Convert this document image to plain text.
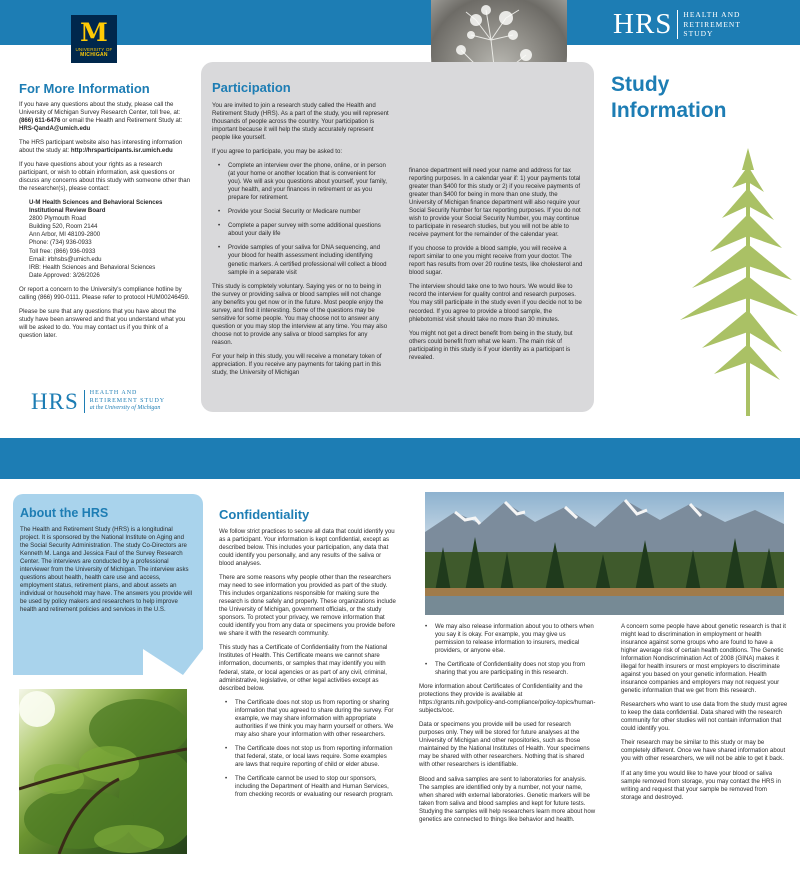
M
UNIVERSITY OF
MICHIGAN
HRS HEALTH AND
RETIREMENT
STUDY
For More Information

If you have any questions about the study, please call the University of Michigan Survey Research Center, toll free, at: (866) 611-6476 or email the Health and Retirement Study at: HRS-QandA@umich.edu

The HRS participant website also has interesting information about the study at: http://hrsparticipants.isr.umich.edu

If you have questions about your rights as a research participant, or wish to obtain information, ask questions or discuss any concerns about this study with someone other than the researcher(s), please contact:

U-M Health Sciences and Behavioral Sciences
Institutional Review Board
2800 Plymouth Road
Building 520, Room 2144
Ann Arbor, MI 48109-2800
Phone: (734) 936-0933
Toll free: (866) 936-0933
Email: irbhsbs@umich.edu
IRB: Health Sciences and Behavioral Sciences
Date Approved: 3/26/2026

Or report a concern to the University's compliance hotline by calling (866) 990-0111. Please refer to protocol HUM00246459.

Please be sure that any questions that you have about the study have been answered and that you understand what you will be asked to do. You may contact us if you think of a question later.

HRS HEALTH AND
RETIREMENT STUDY
at the University of Michigan
Participation

You are invited to join a research study called the Health and Retirement Study (HRS). As a part of the study, you will represent thousands of people across the country. Your participation is important because it will help the study accurately represent people like yourself.

If you agree to participate, you may be asked to:

• Complete an interview over the phone, online, or in person (at your home or another location that is convenient for you). We will ask you questions about yourself, your family, your health, and your finances in retirement or as you prepare for retirement.
• Provide your Social Security or Medicare number
• Complete a paper survey with some additional questions about your daily life
• Provide samples of your saliva for DNA sequencing, and your blood for health assessment including identifying genetic markers. A certified professional will collect a blood sample in a separate visit

This study is completely voluntary. Saying yes or no to being in the survey or providing saliva or blood samples will not change any benefits you get now or in the future. Most people enjoy the survey, and find it interesting. Some of the questions may be sensitive for some people. You may choose not to answer any question or you may stop the interview at any time. You may also choose not to provide any saliva or blood samples for any reason.

For your help in this study, you will receive a monetary token of appreciation. If you receive any payments for taking part in this study, the University of Michigan

finance department will need your name and address for tax reporting purposes. In a calendar year if: 1) your payments total greater than $400 for this study or 2) if you receive payments of greater than $400 for being in more than one study, the University of Michigan finance department will also require your Social Security Number for tax reporting purposes. If you do not wish to provide your Social Security Number, you may continue to participate in research studies, but you will not be able to receive payment for the remainder of the calendar year.

If you choose to provide a blood sample, you will receive a report similar to one you might receive from your doctor. The report has results from over 20 routine tests, like cholesterol and blood sugar.

The interview should take one to two hours. We would like to record the interview for quality control and research purposes. You may still participate in the study even if you decide not to be recorded. If you agree to provide a blood sample, the phlebotomist visit should take no more than 30 minutes.

You might not get a direct benefit from being in the study, but others could benefit from what we learn. The main risk of participating in this study is if your identity as a participant is revealed.

Study
Information
About the HRS
The Health and Retirement Study (HRS) is a longitudinal project. It is sponsored by the National Institute on Aging and the Social Security Administration. The study Co-Directors are Kenneth M. Langa and Jessica Faul of the Survey Research Center. The interviews are conducted by a professional interviewer from the University of Michigan. The interview asks questions about health, health care use and access, employment status, retirement plans, and about assets an individual or household may have. The answers you provide will be used by policy makers and researchers to help improve health and retirement policies and services in the U.S.
Confidentiality

We follow strict practices to secure all data that could identify you as a participant. Your information is kept confidential, except as described below. This includes your participation, any data that could identify you personally, and any results of the saliva or blood analyses.

There are some reasons why people other than the researchers may need to see information you provided as part of the study. This includes organizations responsible for making sure the research is done safely and properly. These organizations include the University of Michigan, government officials, or the study sponsors. To protect your privacy, we remove information that could identify you from any data or specimens you provide before we share it with the research community.

This study has a Certificate of Confidentiality from the National Institutes of Health. This Certificate means we cannot share information, documents, or samples that may identify you with federal, state, or local agencies or as part of any civil, criminal, administrative, legislative, or other legal activities except as described below.

• The Certificate does not stop us from reporting or sharing information that you agreed to share during the survey. For example, we may share information with appropriate authorities if we think you may harm yourself or others. We may also share your information with other researchers.
• The Certificate does not stop us from reporting information that federal, state, or local laws require. Some examples are laws that require reporting of child or elder abuse.
• The Certificate cannot be used to stop our sponsors, including the Department of Health and Human Services, from checking records or evaluating our research program.
• We may also release information about you to others when you say it is okay. For example, you may give us permission to release information to insurers, medical providers, or anyone else.
• The Certificate of Confidentiality does not stop you from sharing that you are participating in this research.

More information about Certificates of Confidentiality and the protections they provide is available at https://grants.nih.gov/policy-and-compliance/policy-topics/human-subjects/coc.

Data or specimens you provide will be used for research purposes only. They will be stored for future analyses at the University of Michigan and other repositories, such as those maintained by the National Institutes of Health. Your specimens may be shared with other researchers. Nothing that is shared with other researchers is identifiable.

Blood and saliva samples are sent to laboratories for analysis. The samples are identified only by a number, not your name, when shared with external laboratories. Genetic markers will be taken from saliva and blood samples and kept for future tests. Studying the samples will help researchers learn more about how genetics are connected to things like behavior and health.

A concern some people have about genetic research is that it might lead to discrimination in employment or health insurance against some groups who are found to have a higher average risk of certain health conditions. The Genetic Information Nondiscrimination Act of 2008 (GINA) makes it illegal for health insurers or most employers to discriminate against you based on your genetic information. Health insurance companies and employers may not request your genetic information that we get from this research.

Researchers who want to use data from the study must agree to keep the data confidential. Data shared with the research community for other studies will not contain information that could identify you.

Their research may be similar to this study or may be completely different. Once we have shared information about you with other researchers, we will not be able to get it back.

If at any time you would like to have your blood or saliva sample removed from storage, you may contact the HRS in writing and request that your sample be removed from storage and destroyed.
